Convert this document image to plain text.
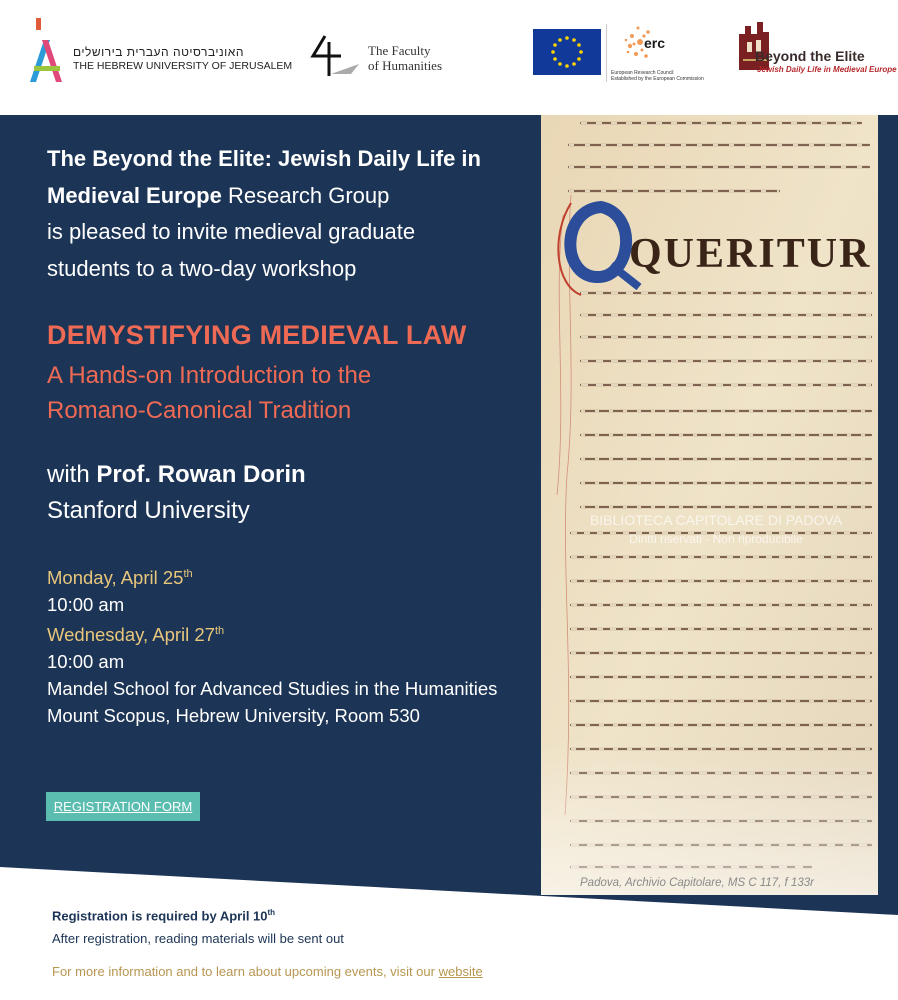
האוניברסיטה העברית בירושלים
THE HEBREW UNIVERSITY OF JERUSALEM
The Faculty
of Humanities
erc
European Research Council
Established by the European Commission
Beyond the Elite
Jewish Daily Life in Medieval Europe
The Beyond the Elite: Jewish Daily Life in Medieval Europe Research Group
is pleased to invite medieval graduate
students to a two-day workshop
DEMYSTIFYING MEDIEVAL LAW
A Hands-on Introduction to the
Romano-Canonical Tradition
with Prof. Rowan Dorin
Stanford University
Monday, April 25th
10:00 am
Wednesday, April 27th
10:00 am
Mandel School for Advanced Studies in the Humanities
Mount Scopus, Hebrew University, Room 530
REGISTRATION FORM
Padova, Archivio Capitolare, MS C 117, f 133r
Registration is required by April 10th
After registration, reading materials will be sent out
For more information and to learn about upcoming events, visit our website
